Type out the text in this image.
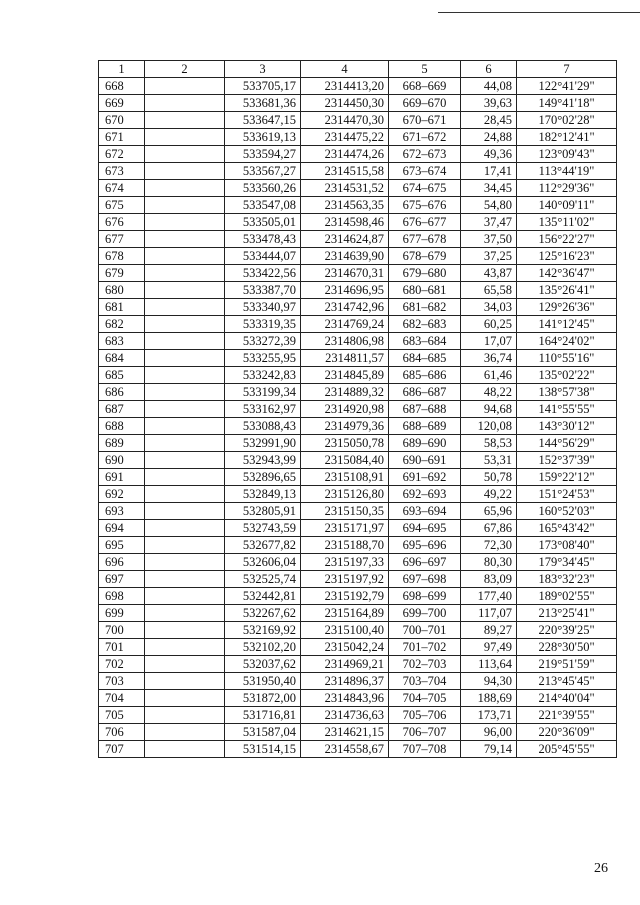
1	2	3	4	5	6	7
668		533705,17	2314413,20	668–669	44,08	122°41'29"
669		533681,36	2314450,30	669–670	39,63	149°41'18"
670		533647,15	2314470,30	670–671	28,45	170°02'28"
671		533619,13	2314475,22	671–672	24,88	182°12'41"
672		533594,27	2314474,26	672–673	49,36	123°09'43"
673		533567,27	2314515,58	673–674	17,41	113°44'19"
674		533560,26	2314531,52	674–675	34,45	112°29'36"
675		533547,08	2314563,35	675–676	54,80	140°09'11"
676		533505,01	2314598,46	676–677	37,47	135°11'02"
677		533478,43	2314624,87	677–678	37,50	156°22'27"
678		533444,07	2314639,90	678–679	37,25	125°16'23"
679		533422,56	2314670,31	679–680	43,87	142°36'47"
680		533387,70	2314696,95	680–681	65,58	135°26'41"
681		533340,97	2314742,96	681–682	34,03	129°26'36"
682		533319,35	2314769,24	682–683	60,25	141°12'45"
683		533272,39	2314806,98	683–684	17,07	164°24'02"
684		533255,95	2314811,57	684–685	36,74	110°55'16"
685		533242,83	2314845,89	685–686	61,46	135°02'22"
686		533199,34	2314889,32	686–687	48,22	138°57'38"
687		533162,97	2314920,98	687–688	94,68	141°55'55"
688		533088,43	2314979,36	688–689	120,08	143°30'12"
689		532991,90	2315050,78	689–690	58,53	144°56'29"
690		532943,99	2315084,40	690–691	53,31	152°37'39"
691		532896,65	2315108,91	691–692	50,78	159°22'12"
692		532849,13	2315126,80	692–693	49,22	151°24'53"
693		532805,91	2315150,35	693–694	65,96	160°52'03"
694		532743,59	2315171,97	694–695	67,86	165°43'42"
695		532677,82	2315188,70	695–696	72,30	173°08'40"
696		532606,04	2315197,33	696–697	80,30	179°34'45"
697		532525,74	2315197,92	697–698	83,09	183°32'23"
698		532442,81	2315192,79	698–699	177,40	189°02'55"
699		532267,62	2315164,89	699–700	117,07	213°25'41"
700		532169,92	2315100,40	700–701	89,27	220°39'25"
701		532102,20	2315042,24	701–702	97,49	228°30'50"
702		532037,62	2314969,21	702–703	113,64	219°51'59"
703		531950,40	2314896,37	703–704	94,30	213°45'45"
704		531872,00	2314843,96	704–705	188,69	214°40'04"
705		531716,81	2314736,63	705–706	173,71	221°39'55"
706		531587,04	2314621,15	706–707	96,00	220°36'09"
707		531514,15	2314558,67	707–708	79,14	205°45'55"
26
